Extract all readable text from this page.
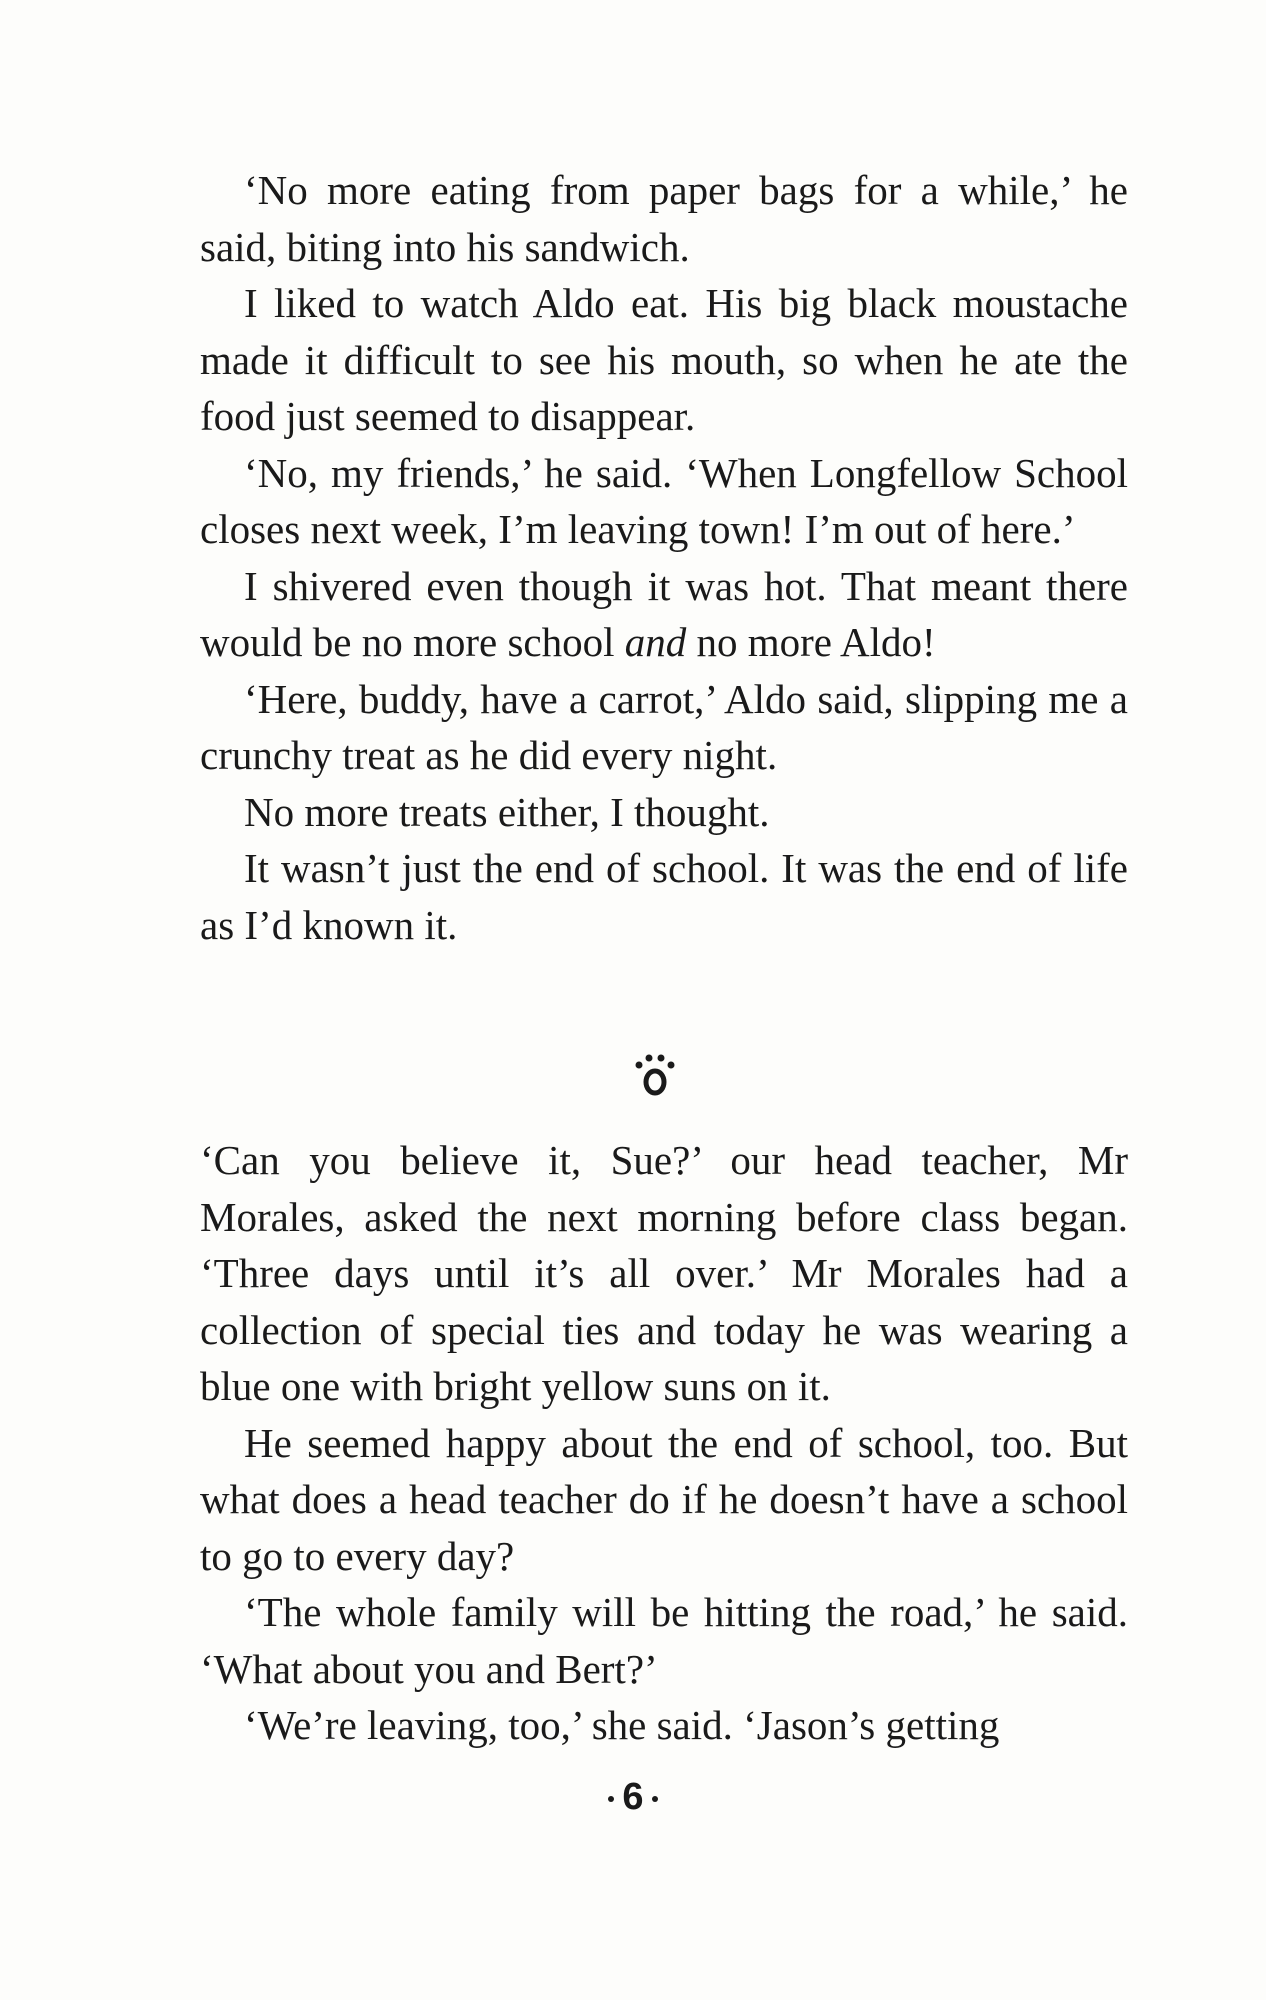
‘No more eating from paper bags for a while,’ he said, biting into his sandwich.

I liked to watch Aldo eat. His big black moustache made it difficult to see his mouth, so when he ate the food just seemed to disappear.

‘No, my friends,’ he said. ‘When Longfellow School closes next week, I’m leaving town! I’m out of here.’

I shivered even though it was hot. That meant there would be no more school and no more Aldo!

‘Here, buddy, have a carrot,’ Aldo said, slipping me a crunchy treat as he did every night.

No more treats either, I thought.

It wasn’t just the end of school. It was the end of life as I’d known it.

‘Can you believe it, Sue?’ our head teacher, Mr Morales, asked the next morning before class began. ‘Three days until it’s all over.’ Mr Morales had a collection of special ties and today he was wearing a blue one with bright yellow suns on it.

He seemed happy about the end of school, too. But what does a head teacher do if he doesn’t have a school to go to every day?

‘The whole family will be hitting the road,’ he said. ‘What about you and Bert?’

‘We’re leaving, too,’ she said. ‘Jason’s getting

6
